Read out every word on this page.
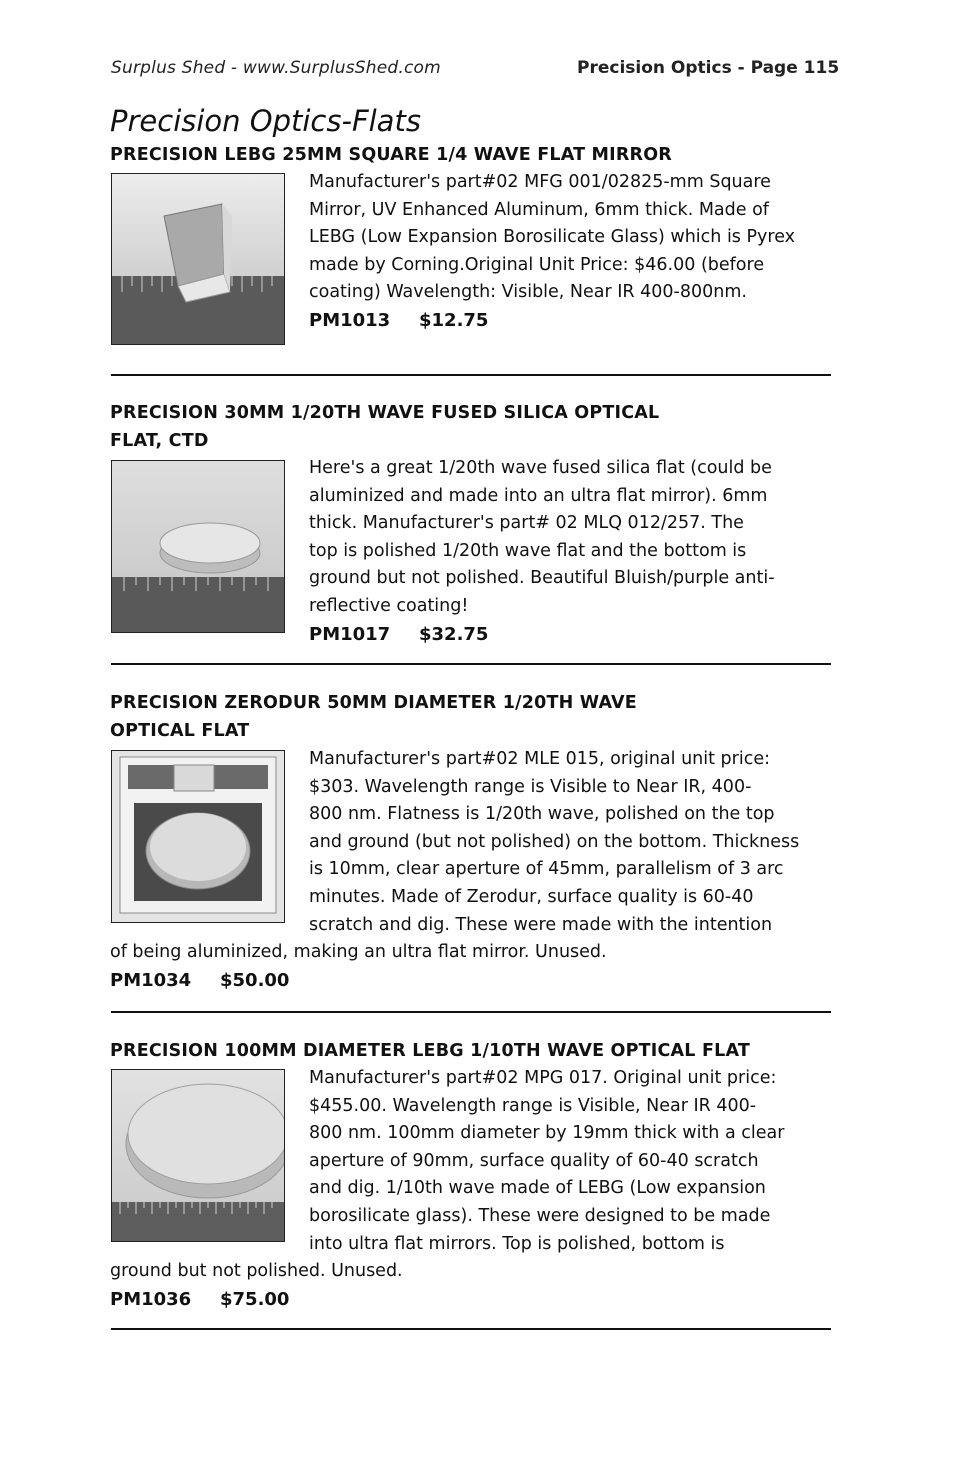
Surplus Shed - www.SurplusShed.com	Precision Optics - Page 115
Precision Optics-Flats
PRECISION LEBG 25MM SQUARE 1/4 WAVE FLAT MIRROR
Manufacturer's part#02 MFG 001/02825-mm Square
Mirror, UV Enhanced Aluminum, 6mm thick. Made of
LEBG (Low Expansion Borosilicate Glass) which is Pyrex
made by Corning.Original Unit Price: $46.00 (before
coating) Wavelength: Visible, Near IR 400-800nm.
PM1013 $12.75
PRECISION 30MM 1/20TH WAVE FUSED SILICA OPTICAL
FLAT, CTD
Here's a great 1/20th wave fused silica flat (could be
aluminized and made into an ultra flat mirror). 6mm
thick. Manufacturer's part# 02 MLQ 012/257. The
top is polished 1/20th wave flat and the bottom is
ground but not polished. Beautiful Bluish/purple anti-
reflective coating!
PM1017 $32.75
PRECISION ZERODUR 50MM DIAMETER 1/20TH WAVE
OPTICAL FLAT
Manufacturer's part#02 MLE 015, original unit price:
$303. Wavelength range is Visible to Near IR, 400-
800 nm. Flatness is 1/20th wave, polished on the top
and ground (but not polished) on the bottom. Thickness
is 10mm, clear aperture of 45mm, parallelism of 3 arc
minutes. Made of Zerodur, surface quality is 60-40
scratch and dig. These were made with the intention
of being aluminized, making an ultra flat mirror. Unused.
PM1034 $50.00
PRECISION 100MM DIAMETER LEBG 1/10TH WAVE OPTICAL FLAT
Manufacturer's part#02 MPG 017. Original unit price:
$455.00. Wavelength range is Visible, Near IR 400-
800 nm. 100mm diameter by 19mm thick with a clear
aperture of 90mm, surface quality of 60-40 scratch
and dig. 1/10th wave made of LEBG (Low expansion
borosilicate glass). These were designed to be made
into ultra flat mirrors. Top is polished, bottom is
ground but not polished. Unused.
PM1036 $75.00
